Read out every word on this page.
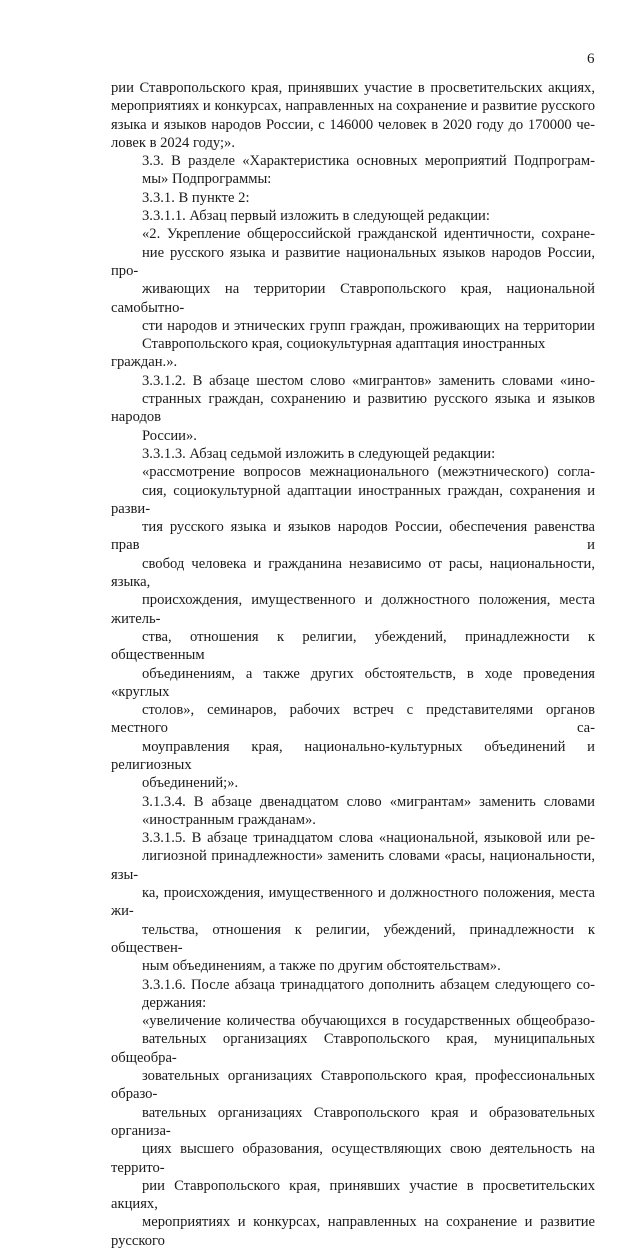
6

рии Ставропольского края, принявших участие в просветительских акциях,
мероприятиях и конкурсах, направленных на сохранение и развитие русского
языка и языков народов России, с 146000 человек в 2020 году до 170000 че-
ловек в 2024 году;».

3.3. В разделе «Характеристика основных мероприятий Подпрограм-
мы» Подпрограммы:

3.3.1. В пункте 2:

3.3.1.1. Абзац первый изложить в следующей редакции:

«2. Укрепление общероссийской гражданской идентичности, сохране-
ние русского языка и развитие национальных языков народов России, про-
живающих на территории Ставропольского края, национальной самобытно-
сти народов и этнических групп граждан, проживающих на территории
Ставропольского края, социокультурная адаптация иностранных граждан.».

3.3.1.2. В абзаце шестом слово «мигрантов» заменить словами «ино-
странных граждан, сохранению и развитию русского языка и языков народов
России».

3.3.1.3. Абзац седьмой изложить в следующей редакции:

«рассмотрение вопросов межнационального (межэтнического) согла-
сия, социокультурной адаптации иностранных граждан, сохранения и разви-
тия русского языка и языков народов России, обеспечения равенства прав и
свобод человека и гражданина независимо от расы, национальности, языка,
происхождения, имущественного и должностного положения, места житель-
ства, отношения к религии, убеждений, принадлежности к общественным
объединениям, а также других обстоятельств, в ходе проведения «круглых
столов», семинаров, рабочих встреч с представителями органов местного са-
моуправления края, национально-культурных объединений и религиозных
объединений;».

3.1.3.4. В абзаце двенадцатом слово «мигрантам» заменить словами
«иностранным гражданам».

3.3.1.5. В абзаце тринадцатом слова «национальной, языковой или ре-
лигиозной принадлежности» заменить словами «расы, национальности, язы-
ка, происхождения, имущественного и должностного положения, места жи-
тельства, отношения к религии, убеждений, принадлежности к обществен-
ным объединениям, а также по другим обстоятельствам».

3.3.1.6. После абзаца тринадцатого дополнить абзацем следующего со-
держания:

«увеличение количества обучающихся в государственных общеобразо-
вательных организациях Ставропольского края, муниципальных общеобра-
зовательных организациях Ставропольского края, профессиональных образо-
вательных организациях Ставропольского края и образовательных организа-
циях высшего образования, осуществляющих свою деятельность на террито-
рии Ставропольского края, принявших участие в просветительских акциях,
мероприятиях и конкурсах, направленных на сохранение и развитие русского
